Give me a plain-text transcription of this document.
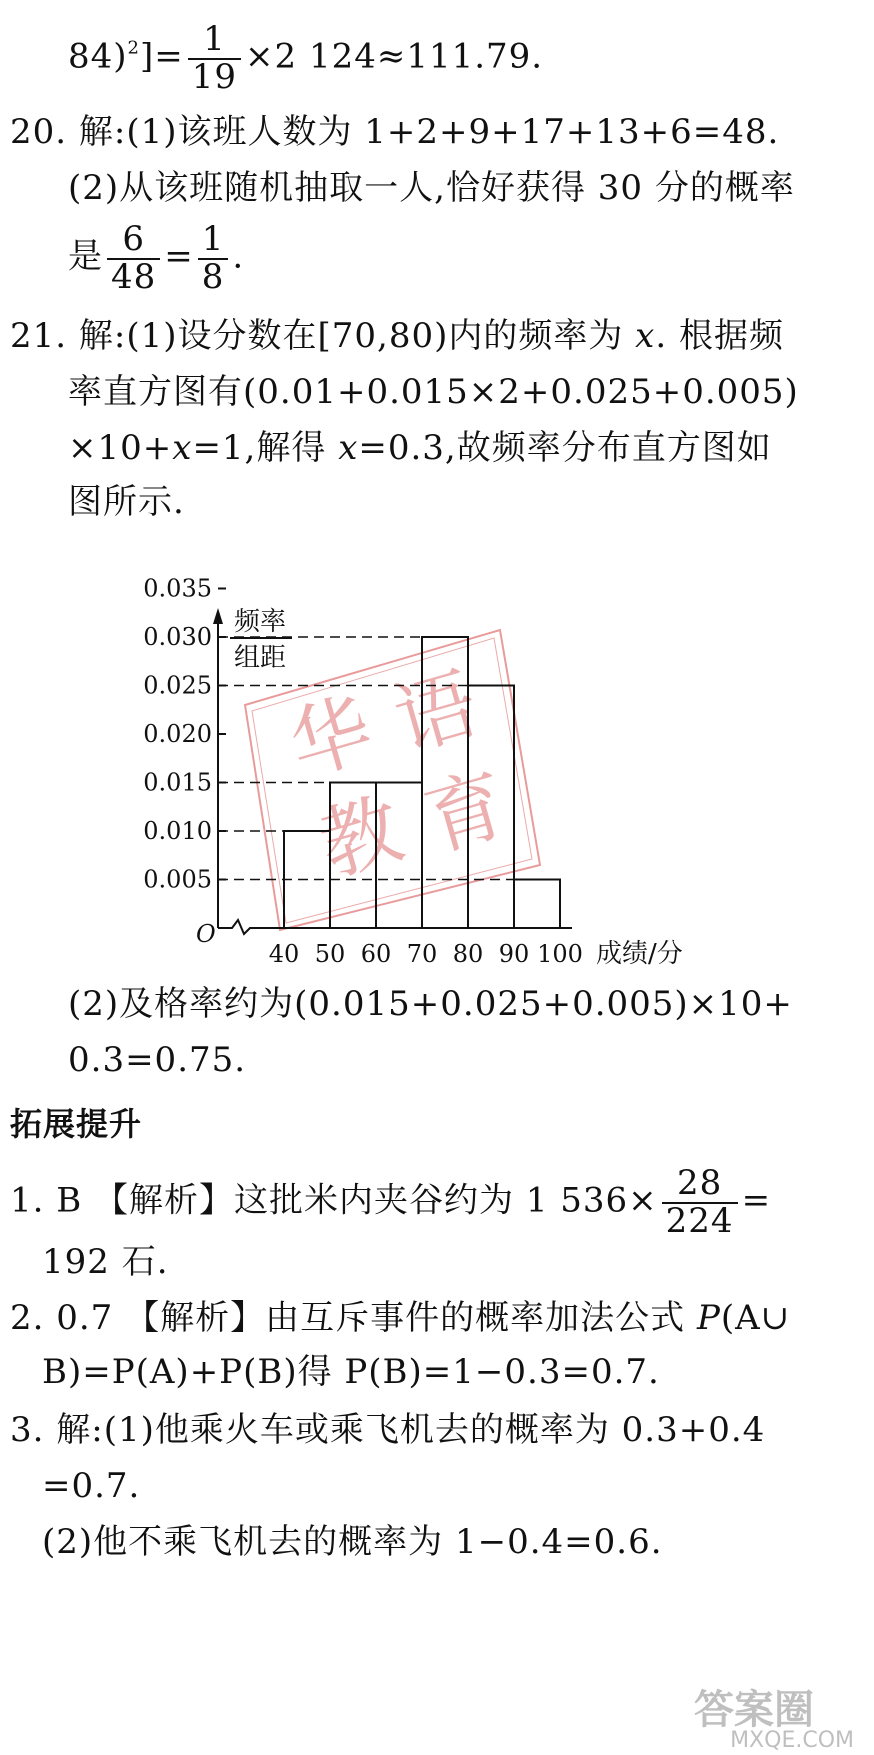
$84)^2]= \frac{1}{19} \times 2$ 124≈111.79.
20. 解:(1)该班人数为 1+2+9+17+13+6=48.
(2)从该班随机抽取一人,恰好获得 30 分的概率
是 $\frac{6}{48} = \frac{1}{8}$ .
21. 解:(1)设分数在[70,80)内的频率为 x. 根据频
率直方图有(0.01+0.015×2+0.025+0.005)
×10+x=1,解得 x=0.3,故频率分布直方图如
图所示.
华 语
教 育
0.005
0.010
0.015
0.020
0.025
0.030
0.035
40 50 60 70 80 90 100
O
成绩/分
频率
组距
(2)及格率约为(0.015+0.025+0.005)×10+
0.3=0.75.
拓展提升
1. B 【解析】这批米内夹谷约为 1 $536\times \frac{28}{224}$ =
192 石.
2. 0.7 【解析】由互斥事件的概率加法公式 P(A∪
B)=P(A)+P(B)得 P(B)=1−0.3=0.7.
3. 解:(1)他乘火车或乘飞机去的概率为 0.3+0.4
=0.7.
(2)他不乘飞机去的概率为 1−0.4=0.6.
答案圈
MXQE.COM
